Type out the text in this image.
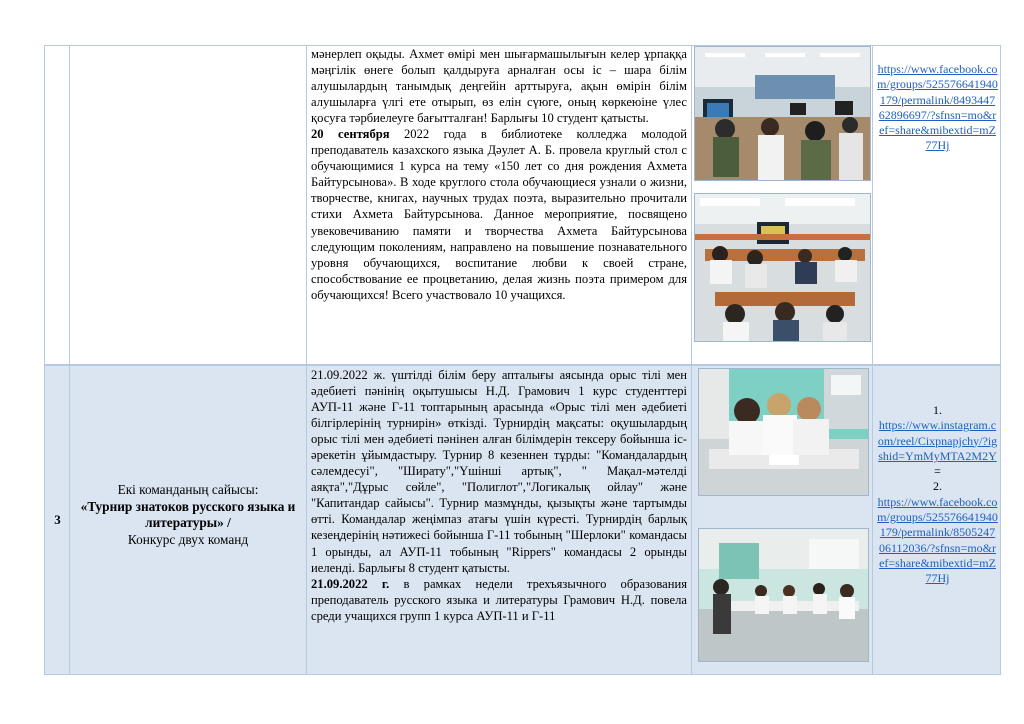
мәнерлеп оқыды. Ахмет өмірі мен шығармашылығын келер ұрпаққа мәңгілік өнеге болып қалдыруға арналған осы іс – шара білім алушылардың танымдық деңгейін арттыруға, ақын өмірін білім алушыларға үлгі ете отырып, өз елін сүюге, оның көркеюіне үлес қосуға тәрбиелеуге бағытталған! Барлығы 10 студент қатысты.

20 сентября 2022 года в библиотеке колледжа молодой преподаватель казахского языка Дәулет А. Б. провела круглый стол с обучающимися 1 курса на тему «150 лет со дня рождения Ахмета Байтурсынова». В ходе круглого стола обучающиеся узнали о жизни, творчестве, книгах, научных трудах поэта, выразительно прочитали стихи Ахмета Байтурсынова. Данное мероприятие, посвящено увековечиванию памяти и творчества Ахмета Байтурсынова следующим поколениям, направлено на повышение познавательного уровня обучающихся, воспитание любви к своей стране, способствование ее процветанию, делая жизнь поэта примером для обучающихся! Всего участвовало 10 учащихся.

https://www.facebook.com/groups/525576641940179/permalink/849344762896697/?sfnsn=mo&ref=share&mibextid=mZ77Hj
3
Екі команданың сайысы:
«Турнир знатоков русского языка и литературы» /
Конкурс двух команд

21.09.2022 ж. үштілді білім беру апталығы аясында орыс тілі мен әдебиеті пәнінің оқытушысы Н.Д. Грамович 1 курс студенттері АУП-11 және Г-11 топтарының арасында «Орыс тілі мен әдебиеті білгірлерінің турнирін» өткізді. Турнирдің мақсаты: оқушылардың орыс тілі мен әдебиеті пәнінен алған білімдерін тексеру бойынша іс-әрекетін ұйымдастыру. Турнир 8 кезеннен тұрды: "Командалардың сәлемдесуі", "Ширату","Үшінші артық", " Мақал-мәтелді аяқта","Дұрыс сөйле", "Полиглот","Логикалық ойлау" және "Капитандар сайысы". Турнир мазмұнды, қызықты және тартымды өтті. Командалар жеңімпаз атағы үшін күресті. Турнирдің барлық кезеңдерінің нәтижесі бойынша Г-11 тобының "Шерлоки" командасы 1 орынды, ал АУП-11 тобының "Rippers" командасы 2 орынды иеленді. Барлығы 8 студент қатысты.

21.09.2022 г. в рамках недели трехъязычного образования преподаватель русского языка и литературы Грамович Н.Д. повела среди учащихся групп 1 курса АУП-11 и Г-11

1.
https://www.instagram.com/reel/Cixpnapjchy/?igshid=YmMyMTA2M2Y=
2.
https://www.facebook.com/groups/525576641940179/permalink/850524706112036/?sfnsn=mo&ref=share&mibextid=mZ77Hj
